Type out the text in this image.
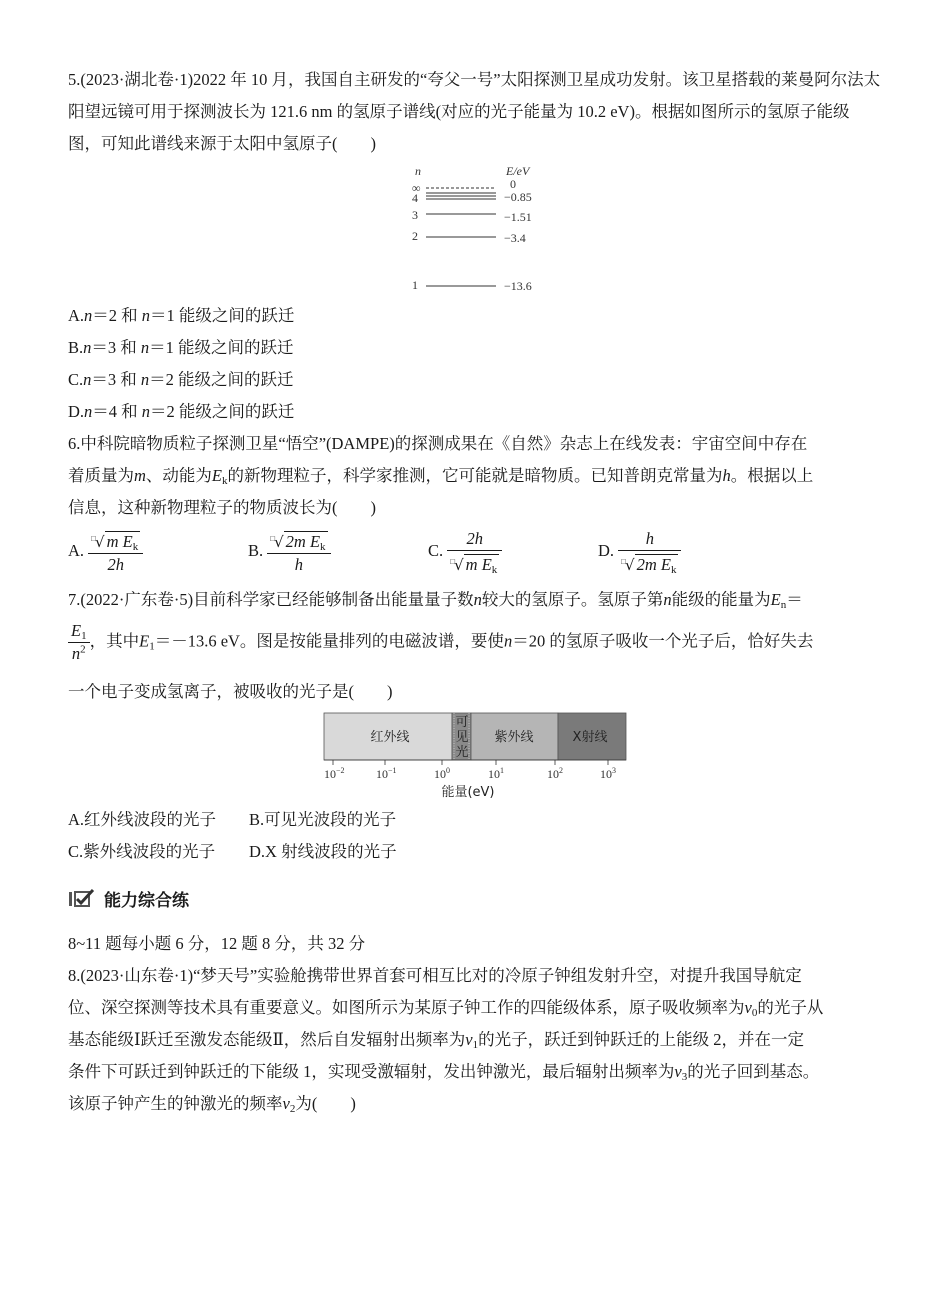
5.(2023·湖北卷·1)2022 年 10 月，我国自主研发的“夸父一号”太阳探测卫星成功发射。该卫星搭载的莱曼阿尔法太阳望远镜可用于探测波长为 121.6 nm 的氢原子谱线(对应的光子能量为 10.2 eV)。根据如图所示的氢原子能级图，可知此谱线来源于太阳中氢原子(　　)

n	E/eV
∞	0
4	−0.85
3	−1.51
2	−3.4
1	−13.6
A.n＝2 和 n＝1 能级之间的跃迁
B.n＝3 和 n＝1 能级之间的跃迁
C.n＝3 和 n＝2 能级之间的跃迁
D.n＝4 和 n＝2 能级之间的跃迁
6.中科院暗物质粒子探测卫星“悟空”(DAMPE)的探测成果在《自然》杂志上在线发表：宇宙空间中存在
着质量为m、动能为$E_k$的新物理粒子，科学家推测，它可能就是暗物质。已知普朗克常量为h。根据以上
信息，这种新物理粒子的物质波长为(　　)
A. $\frac{^□√ m E_k}{2h}$	B. $\frac{^□√ 2m E_k}{h}$	C. $\frac{2h}{^□√ m E_k}$	D. $\frac{h}{^□√ 2m E_k}$
7.(2022·广东卷·5)目前科学家已经能够制备出能量量子数n较大的氢原子。氢原子第n能级的能量为$E_n=$
$\frac{E_1}{n^2}$ ，其中$E_1=-13.6$ eV。图是按能量排列的电磁波谱，要使n＝20 的氢原子吸收一个光子后，恰好失去
一个电子变成氢离子，被吸收的光子是(　　)
红外线
可
见
光
紫外线	X射线
$10^{-2}$	$10^{-1}$	$10^0$	$10^1$	$10^2$	$10^3$
能量(eV)
A.红外线波段的光子 B.可见光波段的光子
C.紫外线波段的光子 D.X 射线波段的光子
能力综合练
8~11 题每小题 6 分，12 题 8 分，共 32 分
8.(2023·山东卷·1)“梦天号”实验舱携带世界首套可相互比对的冷原子钟组发射升空，对提升我国导航定
位、深空探测等技术具有重要意义。如图所示为某原子钟工作的四能级体系，原子吸收频率为$\nu_0$的光子从
基态能级Ⅰ跃迁至激发态能级Ⅱ，然后自发辐射出频率为$\nu_1$的光子，跃迁到钟跃迁的上能级 2，并在一定
条件下可跃迁到钟跃迁的下能级 1，实现受激辐射，发出钟激光，最后辐射出频率为$\nu_3$的光子回到基态。
该原子钟产生的钟激光的频率$\nu_2$为(　　)
